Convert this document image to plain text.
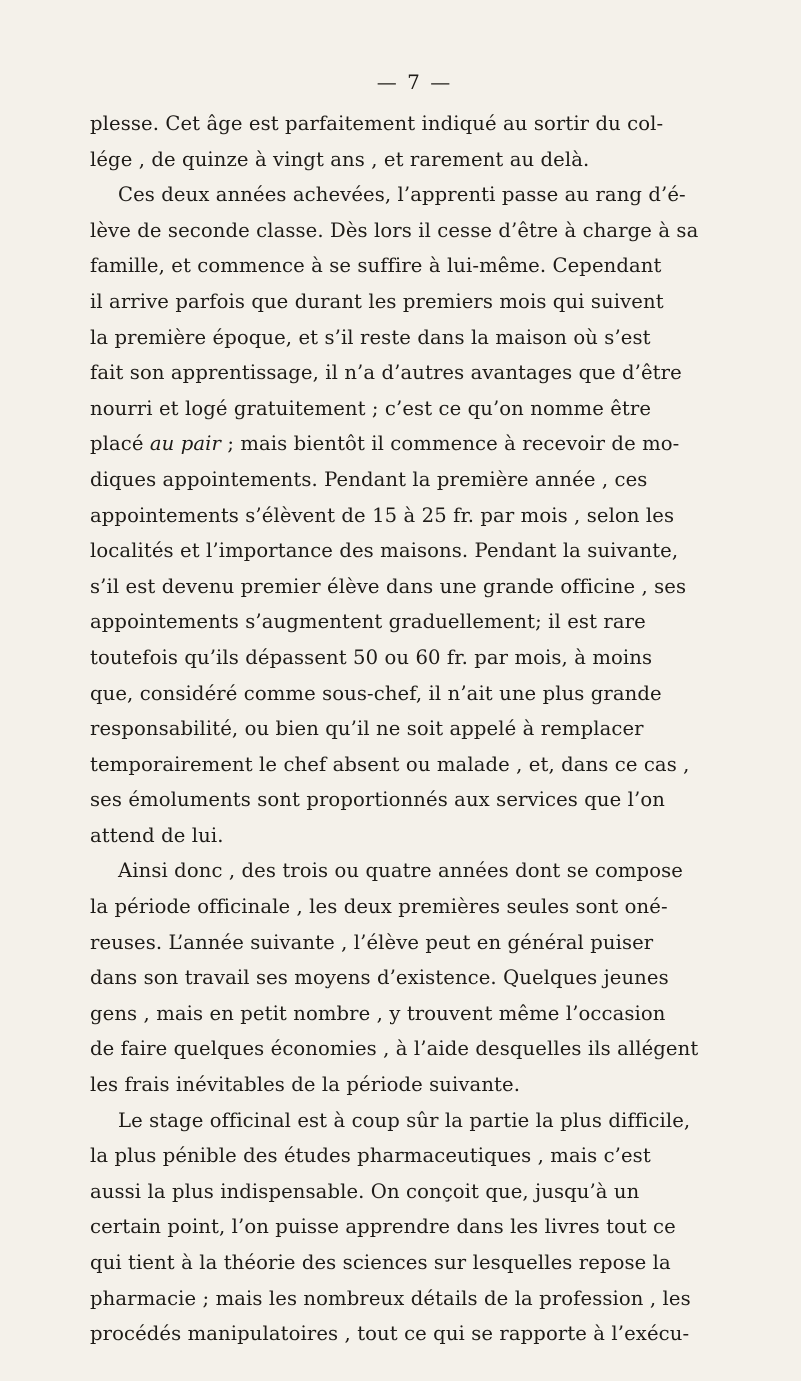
— 7 —
plesse. Cet âge est parfaitement indiqué au sortir du col-
lége , de quinze à vingt ans , et rarement au delà.
Ces deux années achevées, l’apprenti passe au rang d’é-
lève de seconde classe. Dès lors il cesse d’être à charge à sa
famille, et commence à se suffire à lui-même. Cependant
il arrive parfois que durant les premiers mois qui suivent
la première époque, et s’il reste dans la maison où s’est
fait son apprentissage, il n’a d’autres avantages que d’être
nourri et logé gratuitement ; c’est ce qu’on nomme être
placé au pair ; mais bientôt il commence à recevoir de mo-
diques appointements. Pendant la première année , ces
appointements s’élèvent de 15 à 25 fr. par mois , selon les
localités et l’importance des maisons. Pendant la suivante,
s’il est devenu premier élève dans une grande officine , ses
appointements s’augmentent graduellement; il est rare
toutefois qu’ils dépassent 50 ou 60 fr. par mois, à moins
que, considéré comme sous-chef, il n’ait une plus grande
responsabilité, ou bien qu’il ne soit appelé à remplacer
temporairement le chef absent ou malade , et, dans ce cas ,
ses émoluments sont proportionnés aux services que l’on
attend de lui.
Ainsi donc , des trois ou quatre années dont se compose
la période officinale , les deux premières seules sont oné-
reuses. L’année suivante , l’élève peut en général puiser
dans son travail ses moyens d’existence. Quelques jeunes
gens , mais en petit nombre , y trouvent même l’occasion
de faire quelques économies , à l’aide desquelles ils allégent
les frais inévitables de la période suivante.
Le stage officinal est à coup sûr la partie la plus difficile,
la plus pénible des études pharmaceutiques , mais c’est
aussi la plus indispensable. On conçoit que, jusqu’à un
certain point, l’on puisse apprendre dans les livres tout ce
qui tient à la théorie des sciences sur lesquelles repose la
pharmacie ; mais les nombreux détails de la profession , les
procédés manipulatoires , tout ce qui se rapporte à l’exécu-
